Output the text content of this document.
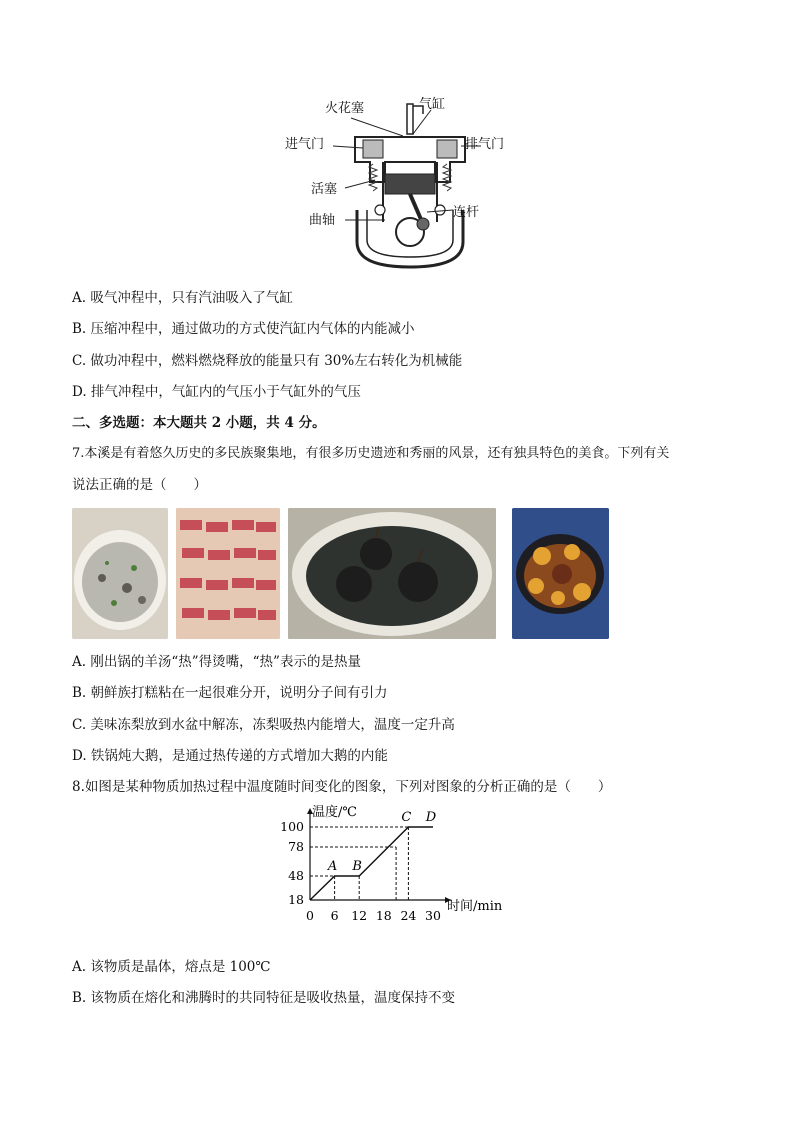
火花塞	气缸
进气门	排气门
活塞
曲轴
连杆
A. 吸气冲程中，只有汽油吸入了气缸
B. 压缩冲程中，通过做功的方式使汽缸内气体的内能减小
C. 做功冲程中，燃料燃烧释放的能量只有 30%左右转化为机械能
D. 排气冲程中，气缸内的气压小于气缸外的气压
二、多选题：本大题共 2 小题，共 4 分。
7.本溪是有着悠久历史的多民族聚集地，有很多历史遗迹和秀丽的风景，还有独具特色的美食。下列有关
说法正确的是（　　）
A. 刚出锅的羊汤“热”得烫嘴，“热”表示的是热量
B. 朝鲜族打糕粘在一起很难分开，说明分子间有引力
C. 美味冻梨放到水盆中解冻，冻梨吸热内能增大，温度一定升高
D. 铁锅炖大鹅，是通过热传递的方式增加大鹅的内能
8.如图是某种物质加热过程中温度随时间变化的图象，下列对图象的分析正确的是（　　）
温度/℃
时间/min
0 6 12 18 24 30
18
48
78
100
A B
C D
A. 该物质是晶体，熔点是 100℃
B. 该物质在熔化和沸腾时的共同特征是吸收热量，温度保持不变
